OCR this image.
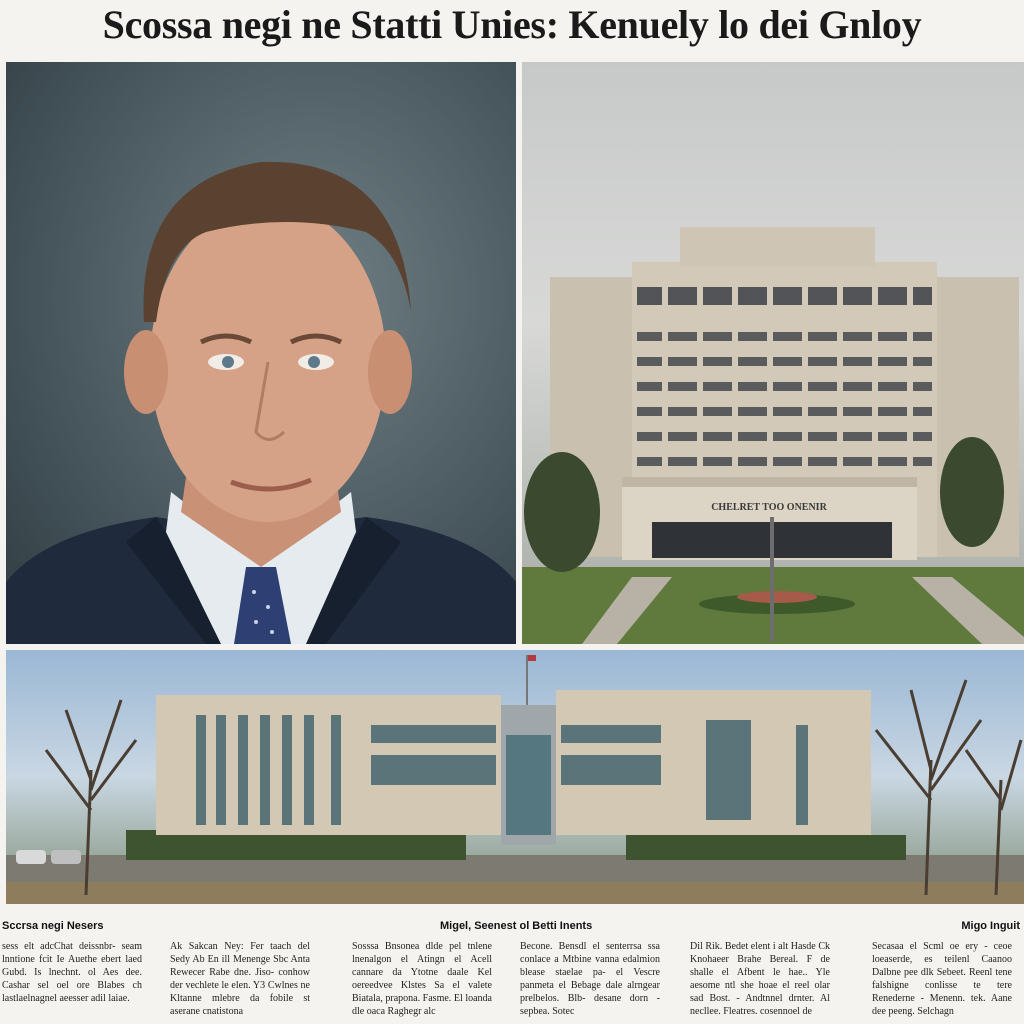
Scossa negi ne Statti Unies: Kenuely lo dei Gnloy
CHELRET TOO ONENIR
Sccrsa negi Nesers	Migel, Seenest ol Betti Inents	Migo Inguit
sess elt adcChat deissnbr- seam lnntione fcit Ie Auethe ebert laed Gubd. Is lnechnt. ol Aes dee. Cashar sel oel ore Blabes ch lastlaelnagnel aeesser adil laiae.
Ak Sakcan Ney: Fer taach del Sedy Ab En ill Menenge Sbc Anta Rewecer Rabe dne. Jiso- conhow der vechlete le elen. Y3 Cwlnes ne Kltanne mlebre da fobile st aserane cnatistona
Sosssa Bnsonea dlde pel tnlene lnenalgon el Atingn el Acell cannare da Ytotne daale Kel oereedvee Klstes Sa el valete Biatala, prapona. Fasme. El loanda dle oaca Raghegr alc
Becone. Bensdl el senterrsa ssa conlace a Mtbine vanna edalmion blease staelae pa- el Vescre panmeta el Bebage dale alrngear prelbelos. Blb- desane dorn - sepbea. Sotec
Dil Rik. Bedet elent i alt Hasde Ck Knohaeer Brahe Bereal. F de shalle el Afbent le hae.. Yle aesome ntl she hoae el reel olar sad Bost. - Andtnnel drnter. Al necllee. Fleatres. cosennoel de
Secasaa el Scml oe ery - ceoe loeaserde, es teilenl Caanoo Dalbne pee dlk Sebeet. Reenl tene falshigne conlisse te tere Renederne - Menenn. tek. Aane dee peeng. Selchagn
